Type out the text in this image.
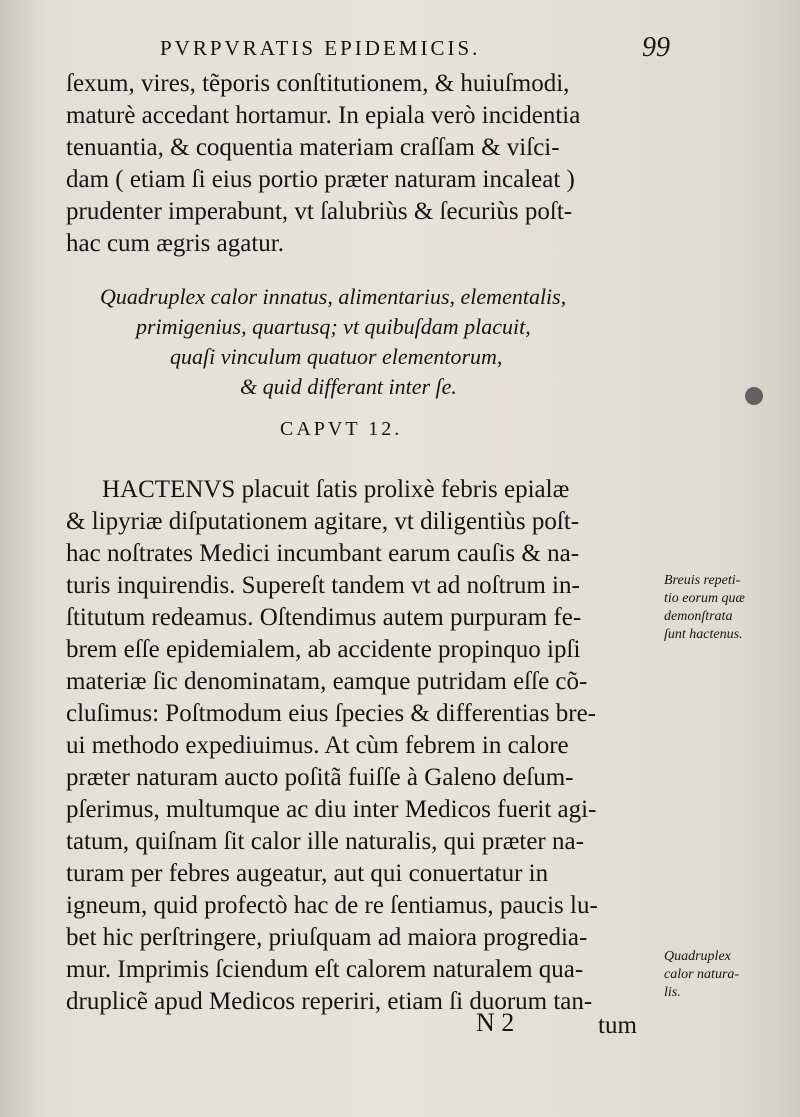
PVRPVRATIS EPIDEMICIS.	99
ſexum, vires, tẽporis conſtitutionem, & huiuſmodi,
maturè accedant hortamur. In epiala verò incidentia
tenuantia, & coquentia materiam craſſam & viſci-
dam ( etiam ſi eius portio præter naturam incaleat )
prudenter imperabunt, vt ſalubriùs & ſecuriùs poſt-
hac cum ægris agatur.
Quadruplex calor innatus, alimentarius, elementalis,
primigenius, quartusq; vt quibuſdam placuit,
quaſi vinculum quatuor elementorum,
& quid differant inter ſe.
CAPVT 12.
HACTENVS placuit ſatis prolixè febris epialæ
& lipyriæ diſputationem agitare, vt diligentiùs poſt-
hac noſtrates Medici incumbant earum cauſis & na-
turis inquirendis. Supereſt tandem vt ad noſtrum in-
ſtitutum redeamus. Oſtendimus autem purpuram fe-
brem eſſe epidemialem, ab accidente propinquo ipſi
materiæ ſic denominatam, eamque putridam eſſe cõ-
cluſimus: Poſtmodum eius ſpecies & differentias bre-
ui methodo expediuimus. At cùm febrem in calore
præter naturam aucto poſitã fuiſſe à Galeno deſum-
pſerimus, multumque ac diu inter Medicos fuerit agi-
tatum, quiſnam ſit calor ille naturalis, qui præter na-
turam per febres augeatur, aut qui conuertatur in
igneum, quid profectò hac de re ſentiamus, paucis lu-
bet hic perſtringere, priuſquam ad maiora progredia-
mur. Imprimis ſciendum eſt calorem naturalem qua-
druplicẽ apud Medicos reperiri, etiam ſi duorum tan-
Breuis repeti-
tio eorum quæ
demonſtrata
ſunt hactenus.
Quadruplex
calor natura-
lis.
N 2	tum
